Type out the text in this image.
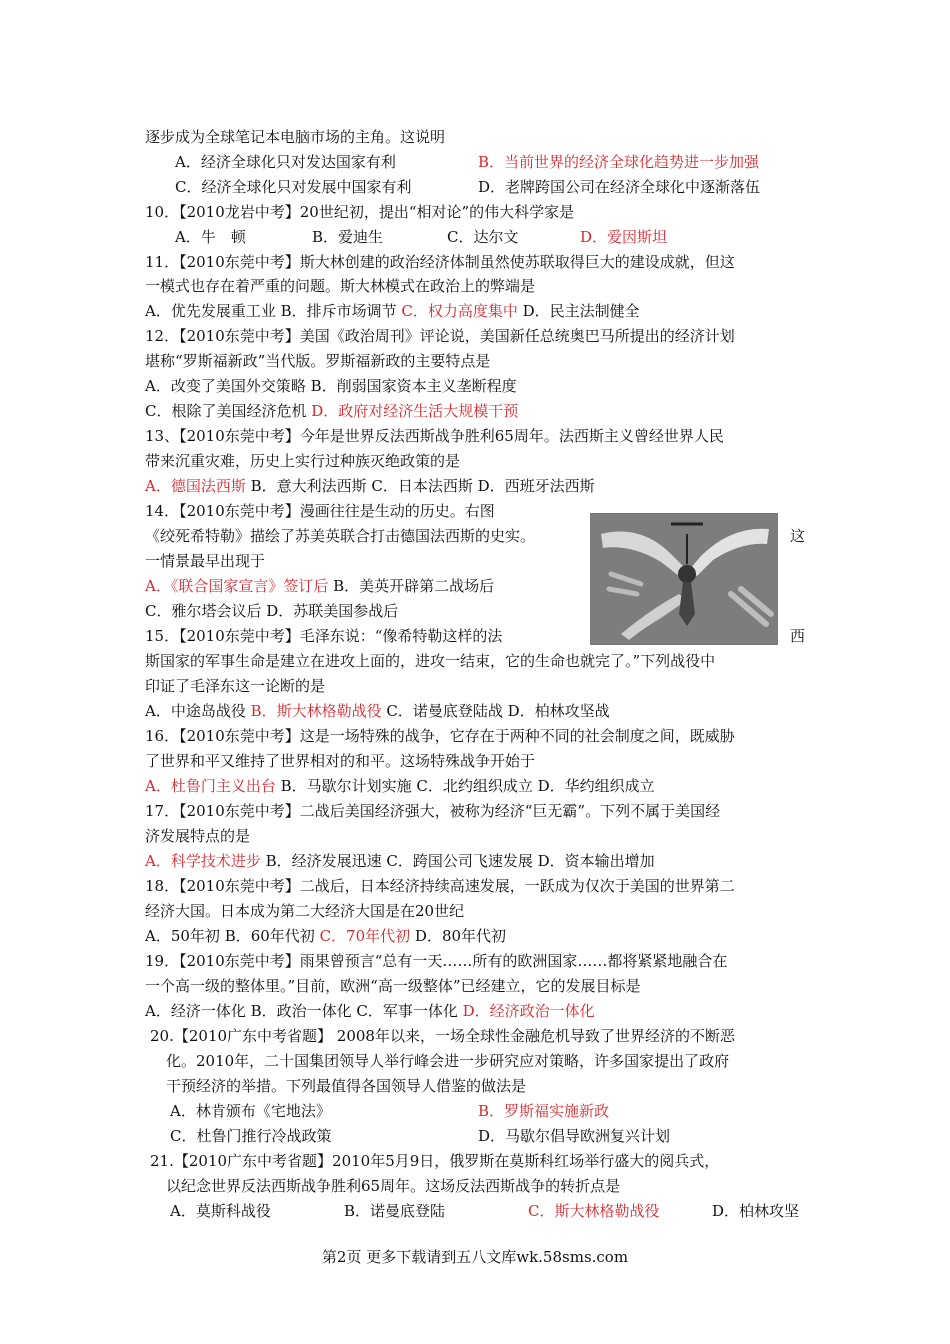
逐步成为全球笔记本电脑市场的主角。这说明
A．经济全球化只对发达国家有利	B．当前世界的经济全球化趋势进一步加强
C．经济全球化只对发展中国家有利	D．老牌跨国公司在经济全球化中逐渐落伍
10．【2010龙岩中考】20世纪初，提出“相对论”的伟大科学家是
A．牛　顿	B．爱迪生	C．达尔文	D．爱因斯坦
11．【2010东莞中考】斯大林创建的政治经济体制虽然使苏联取得巨大的建设成就，但这
一模式也存在着严重的问题。斯大林模式在政治上的弊端是
A．优先发展重工业 B．排斥市场调节 C．权力高度集中 D．民主法制健全
12．【2010东莞中考】美国《政治周刊》评论说，美国新任总统奥巴马所提出的经济计划
堪称“罗斯福新政”当代版。罗斯福新政的主要特点是
A．改变了美国外交策略 B．削弱国家资本主义垄断程度
C．根除了美国经济危机 D．政府对经济生活大规模干预
13、【2010东莞中考】今年是世界反法西斯战争胜利65周年。法西斯主义曾经世界人民
带来沉重灾难，历史上实行过种族灭绝政策的是
A．德国法西斯 B．意大利法西斯 C．日本法西斯 D．西班牙法西斯
14．【2010东莞中考】漫画往往是生动的历史。右图
《绞死希特勒》描绘了苏美英联合打击德国法西斯的史实。	这
一情景最早出现于
A．《联合国家宣言》签订后 B．美英开辟第二战场后
C．雅尔塔会议后 D．苏联美国参战后
15．【2010东莞中考】毛泽东说：“像希特勒这样的法	西
斯国家的军事生命是建立在进攻上面的，进攻一结束，它的生命也就完了。”下列战役中
印证了毛泽东这一论断的是
A．中途岛战役 B．斯大林格勒战役 C．诺曼底登陆战 D．柏林攻坚战
16．【2010东莞中考】这是一场特殊的战争，它存在于两种不同的社会制度之间，既威胁
了世界和平又维持了世界相对的和平。这场特殊战争开始于
A．杜鲁门主义出台 B．马歇尔计划实施 C．北约组织成立 D．华约组织成立
17．【2010东莞中考】二战后美国经济强大，被称为经济“巨无霸”。下列不属于美国经
济发展特点的是
A．科学技术进步 B．经济发展迅速 C．跨国公司飞速发展 D．资本输出增加
18．【2010东莞中考】二战后，日本经济持续高速发展，一跃成为仅次于美国的世界第二
经济大国。日本成为第二大经济大国是在20世纪
A．50年初 B．60年代初 C．70年代初 D．80年代初
19．【2010东莞中考】雨果曾预言“总有一天……所有的欧洲国家……都将紧紧地融合在
一个高一级的整体里。”目前，欧洲“高一级整体”已经建立，它的发展目标是
A．经济一体化 B．政治一体化 C．军事一体化 D．经济政治一体化
20.【2010广东中考省题】 2008年以来，一场全球性金融危机导致了世界经济的不断恶
化。2010年，二十国集团领导人举行峰会进一步研究应对策略，许多国家提出了政府
干预经济的举措。下列最值得各国领导人借鉴的做法是
A．林肯颁布《宅地法》	B．罗斯福实施新政
C．杜鲁门推行冷战政策	D．马歇尔倡导欧洲复兴计划
21.【2010广东中考省题】2010年5月9日，俄罗斯在莫斯科红场举行盛大的阅兵式，
以纪念世界反法西斯战争胜利65周年。这场反法西斯战争的转折点是
A．莫斯科战役	B．诺曼底登陆	C．斯大林格勒战役	D．柏林攻坚
第2页 更多下载请到五八文库wk.58sms.com
